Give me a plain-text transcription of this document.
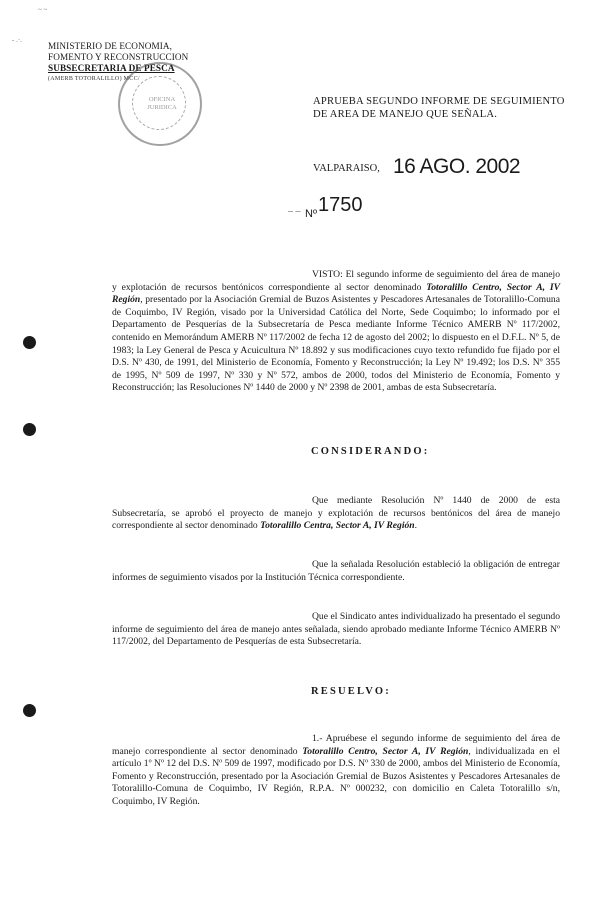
~ ~
- .·.
MINISTERIO DE ECONOMIA,
FOMENTO Y RECONSTRUCCION
SUBSECRETARIA DE PESCA
(AMERB TOTORALILLO) MCC/
OFICINA JURIDICA
APRUEBA SEGUNDO INFORME DE SEGUIMIENTO DE AREA DE MANEJO QUE SEÑALA.
VALPARAISO, 16 AGO. 2002
– – Nº 1750
VISTO: El segundo informe de seguimiento del área de manejo y explotación de recursos bentónicos correspondiente al sector denominado Totoralillo Centro, Sector A, IV Región, presentado por la Asociación Gremial de Buzos Asistentes y Pescadores Artesanales de Totoralillo-Comuna de Coquimbo, IV Región, visado por la Universidad Católica del Norte, Sede Coquimbo; lo informado por el Departamento de Pesquerías de la Subsecretaría de Pesca mediante Informe Técnico AMERB Nº 117/2002, contenido en Memorándum AMERB Nº 117/2002 de fecha 12 de agosto del 2002; lo dispuesto en el D.F.L. Nº 5, de 1983; la Ley General de Pesca y Acuicultura Nº 18.892 y sus modificaciones cuyo texto refundido fue fijado por el D.S. Nº 430, de 1991, del Ministerio de Economía, Fomento y Reconstrucción; la Ley Nº 19.492; los D.S. Nº 355 de 1995, Nº 509 de 1997, Nº 330 y Nº 572, ambos de 2000, todos del Ministerio de Economía, Fomento y Reconstrucción; las Resoluciones Nº 1440 de 2000 y Nº 2398 de 2001, ambas de esta Subsecretaría.
CONSIDERANDO:
Que mediante Resolución Nº 1440 de 2000 de esta Subsecretaría, se aprobó el proyecto de manejo y explotación de recursos bentónicos del área de manejo correspondiente al sector denominado Totoralillo Centra, Sector A, IV Región.
Que la señalada Resolución estableció la obligación de entregar informes de seguimiento visados por la Institución Técnica correspondiente.
Que el Sindicato antes individualizado ha presentado el segundo informe de seguimiento del área de manejo antes señalada, siendo aprobado mediante Informe Técnico AMERB Nº 117/2002, del Departamento de Pesquerías de esta Subsecretaría.
RESUELVO:
1.- Apruébese el segundo informe de seguimiento del área de manejo correspondiente al sector denominado Totoralillo Centro, Sector A, IV Región, individualizada en el artículo 1º Nº 12 del D.S. Nº 509 de 1997, modificado por D.S. Nº 330 de 2000, ambos del Ministerio de Economía, Fomento y Reconstrucción, presentado por la Asociación Gremial de Buzos Asistentes y Pescadores Artesanales de Totoralillo-Comuna de Coquimbo, IV Región, R.P.A. Nº 000232, con domicilio en Caleta Totoralillo s/n, Coquimbo, IV Región.
